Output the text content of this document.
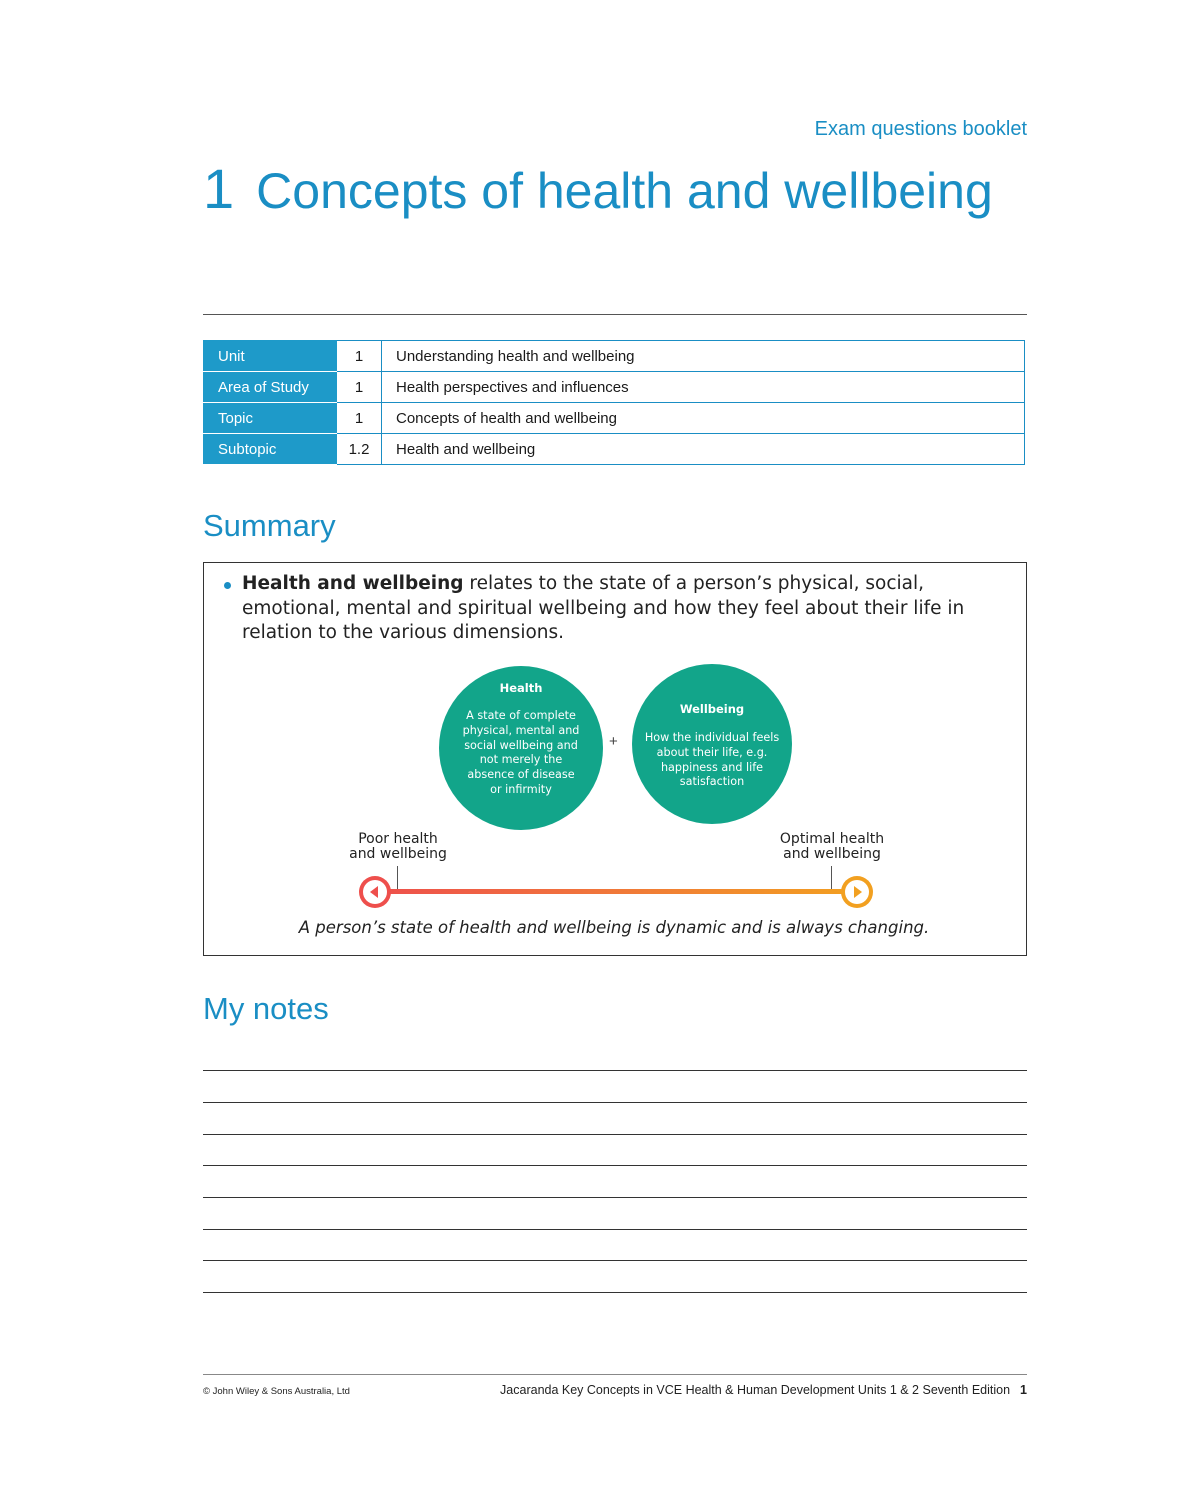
Exam questions booklet
1 Concepts of health and wellbeing
Unit	1	Understanding health and wellbeing
Area of Study	1	Health perspectives and influences
Topic	1	Concepts of health and wellbeing
Subtopic	1.2	Health and wellbeing
Summary
Health and wellbeing relates to the state of a person’s physical, social, emotional, mental and spiritual wellbeing and how they feel about their life in relation to the various dimensions.
Health
A state of complete physical, mental and social wellbeing and not merely the absence of disease or infirmity
+
Wellbeing
How the individual feels about their life, e.g. happiness and life satisfaction
Poor health
and wellbeing
Optimal health
and wellbeing
A person’s state of health and wellbeing is dynamic and is always changing.
My notes
© John Wiley & Sons Australia, Ltd	Jacaranda Key Concepts in VCE Health & Human Development Units 1 & 2 Seventh Edition 1
